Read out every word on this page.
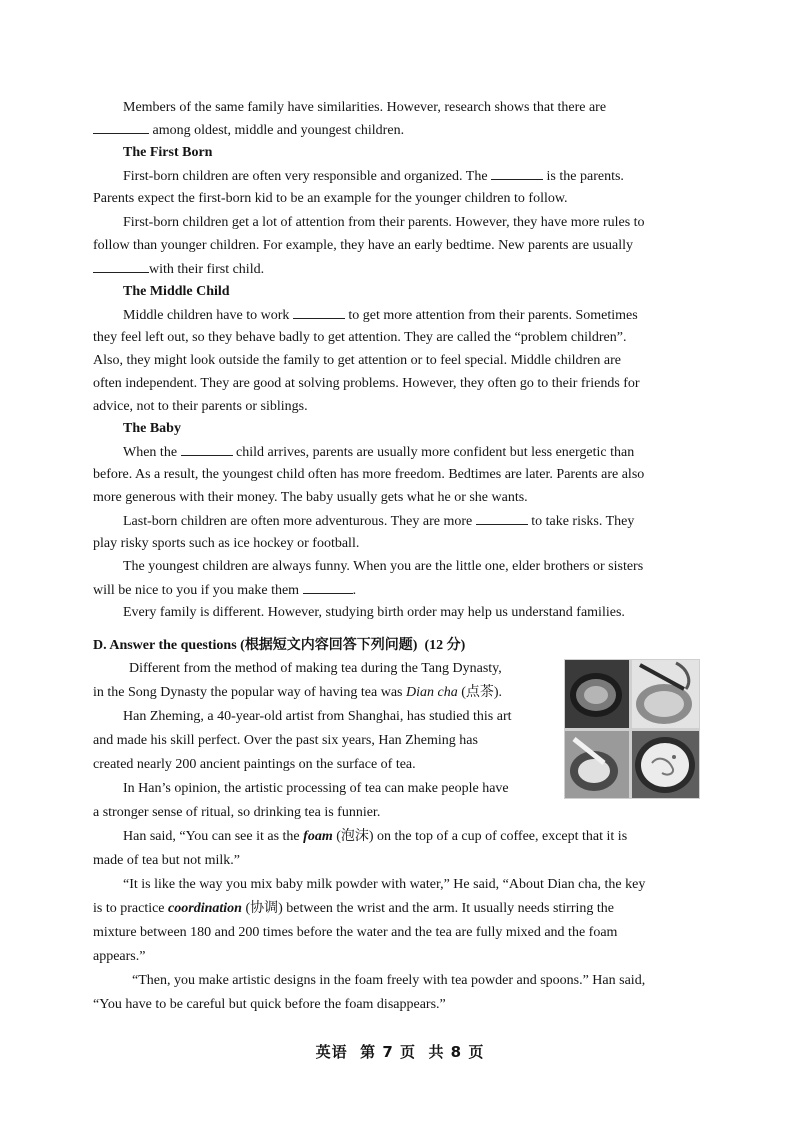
Members of the same family have similarities. However, research shows that there are
among oldest, middle and youngest children.
The First Born
First-born children are often very responsible and organized. The	is the parents.
Parents expect the first-born kid to be an example for the younger children to follow.
First-born children get a lot of attention from their parents. However, they have more rules to
follow than younger children. For example, they have an early bedtime. New parents are usually
with their first child.
The Middle Child
Middle children have to work	to get more attention from their parents. Sometimes
they feel left out, so they behave badly to get attention. They are called the “problem children”.
Also, they might look outside the family to get attention or to feel special. Middle children are
often independent. They are good at solving problems. However, they often go to their friends for
advice, not to their parents or siblings.
The Baby
When the	child arrives, parents are usually more confident but less energetic than
before. As a result, the youngest child often has more freedom. Bedtimes are later. Parents are also
more generous with their money. The baby usually gets what he or she wants.
Last-born children are often more adventurous. They are more	to take risks. They
play risky sports such as ice hockey or football.
The youngest children are always funny. When you are the little one, elder brothers or sisters
will be nice to you if you make them	.
Every family is different. However, studying birth order may help us understand families.
D. Answer the questions (根据短文内容回答下列问题)  (12 分)
Different from the method of making tea during the Tang Dynasty,
in the Song Dynasty the popular way of having tea was Dian cha (点茶).
Han Zheming, a 40-year-old artist from Shanghai, has studied this art
and made his skill perfect. Over the past six years, Han Zheming has
created nearly 200 ancient paintings on the surface of tea.
In Han’s opinion, the artistic processing of tea can make people have
a stronger sense of ritual, so drinking tea is funnier.
Han said, “You can see it as the foam (泡沫) on the top of a cup of coffee, except that it is
made of tea but not milk.”
“It is like the way you mix baby milk powder with water,” He said, “About Dian cha, the key
is to practice coordination (协调) between the wrist and the arm. It usually needs stirring the
mixture between 180 and 200 times before the water and the tea are fully mixed and the foam
appears.”
“Then, you make artistic designs in the foam freely with tea powder and spoons.” Han said,
“You have to be careful but quick before the foam disappears.”
英语  第 7 页  共 8 页
